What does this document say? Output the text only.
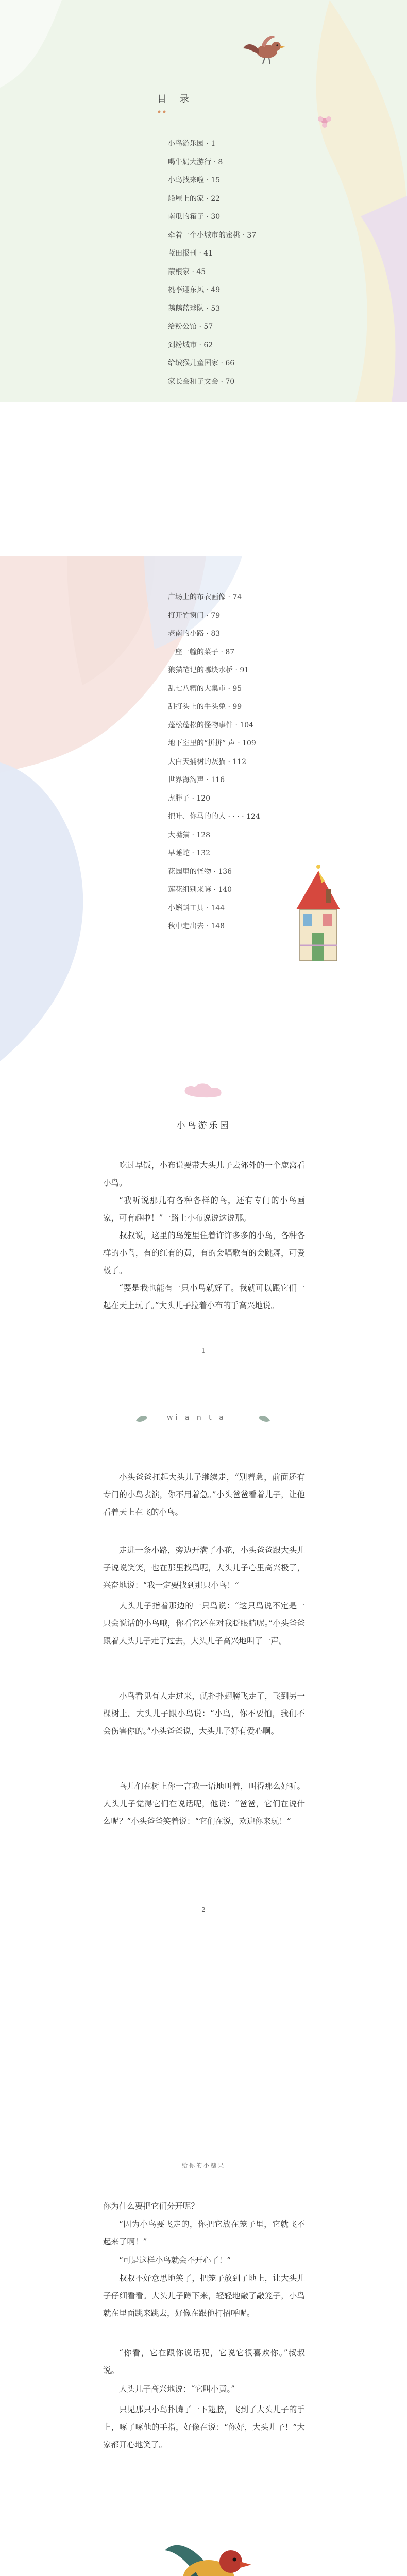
目 录
小鸟游乐园 · 1
喝牛奶大游行 · 8
小鸟找来啦 · 15
船屋上的家 · 22
南瓜的箱子 · 30
牵着一个小城市的蜜桃 · 37
蓝田报刊 · 41
蒙根家 · 45
桃李迎东风 · 49
鹅鹅蓝球队 · 53
给粉公馆 · 57
到粉城市 · 62
给绒猴儿童国家 · 66
家长会和子文会 · 70
广场上的布衣画像 · 74
打开竹窗门 · 79
老南的小路 · 83
一座一幢的菜子 · 87
狼猫笔记的哪块水桥 · 91
乱七八糟的大集市 · 95
刮打头上的牛头兔 · 99
蓬松蓬松的怪物事件 · 104
地下室里的“拼拼” 声 · 109
大白天捕树的灰猫 · 112
世界海沟声 · 116
虎胖子 · 120
把叶、你马的的人 · · · · 124
大嘴猫 · 128
早睡蛇 · 132
花园里的怪物 · 136
莲花组别来嘛 · 140
小蝌蚪工具 · 144
秋中走出去 · 148
小鸟游乐园

吃过早饭，小布说要带大头儿子去郊外的一个鹿窝看小鸟。

“我听说那儿有各种各样的鸟，还有专门的小鸟画家，可有趣啦！”一路上小布说说这说那。

叔叔说，这里的鸟笼里住着许许多多的小鸟，各种各样的小鸟，有的红有的黄，有的会唱歌有的会跳舞，可爱极了。

“要是我也能有一只小鸟就好了。我就可以跟它们一起在天上玩了。”大头儿子拉着小布的手高兴地说。

1
wi a n t a

小头爸爸扛起大头儿子继续走，“别着急，前面还有专门的小鸟表演，你不用着急。”小头爸爸看着儿子，让他看着天上在飞的小鸟。

走进一条小路，旁边开满了小花，小头爸爸跟大头儿子说说笑笑，也在那里找鸟呢，大头儿子心里高兴极了，兴奋地说：“我一定要找到那只小鸟！”

大头儿子指着那边的一只鸟说：“这只鸟说不定是一只会说话的小鸟哦，你看它还在对我眨眼睛呢。”小头爸爸跟着大头儿子走了过去，大头儿子高兴地叫了一声。

小鸟看见有人走过来，就扑扑翅膀飞走了，飞到另一棵树上。大头儿子跟小鸟说：“小鸟，你不要怕，我们不会伤害你的。”小头爸爸说，大头儿子好有爱心啊。

鸟儿们在树上你一言我一语地叫着，叫得那么好听。大头儿子觉得它们在说话呢，他说：“爸爸，它们在说什么呢？”小头爸爸笑着说：“它们在说，欢迎你来玩！”

2
给你的小糖果

你为什么要把它们分开呢？

“因为小鸟要飞走的，你把它放在笼子里，它就飞不起来了啊！”

“可是这样小鸟就会不开心了！”

叔叔不好意思地笑了，把笼子放到了地上，让大头儿子仔细看看。大头儿子蹲下来，轻轻地敲了敲笼子，小鸟就在里面跳来跳去，好像在跟他打招呼呢。

“你看，它在跟你说话呢，它说它很喜欢你。”叔叔说。

大头儿子高兴地说：“它叫小黄。”

只见那只小鸟扑腾了一下翅膀，飞到了大头儿子的手上，啄了啄他的手指，好像在说：“你好，大头儿子！”大家都开心地笑了。
